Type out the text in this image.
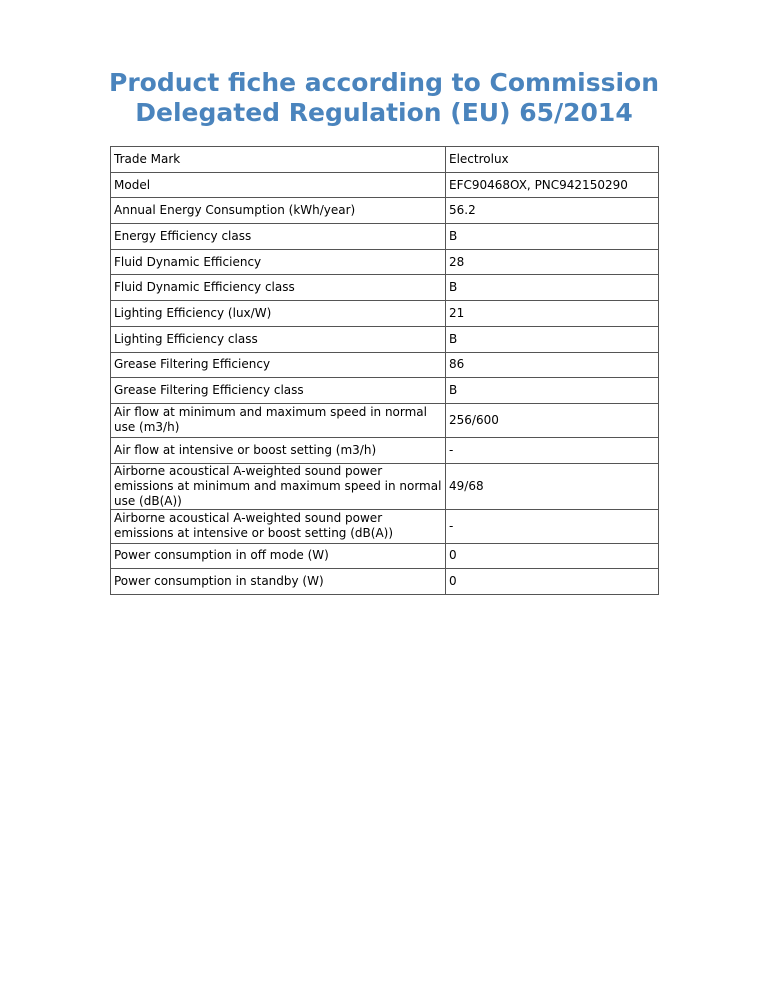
Product fiche according to Commission Delegated Regulation (EU) 65/2014
Trade Mark	Electrolux
Model	EFC90468OX, PNC942150290
Annual Energy Consumption (kWh/year)	56.2
Energy Efficiency class	B
Fluid Dynamic Efficiency	28
Fluid Dynamic Efficiency class	B
Lighting Efficiency (lux/W)	21
Lighting Efficiency class	B
Grease Filtering Efficiency	86
Grease Filtering Efficiency class	B
Air flow at minimum and maximum speed in normal use (m3/h)	256/600
Air flow at intensive or boost setting (m3/h)	-
Airborne acoustical A-weighted sound power emissions at minimum and maximum speed in normal use (dB(A))	49/68
Airborne acoustical A-weighted sound power emissions at intensive or boost setting (dB(A))	-
Power consumption in off mode (W)	0
Power consumption in standby (W)	0
